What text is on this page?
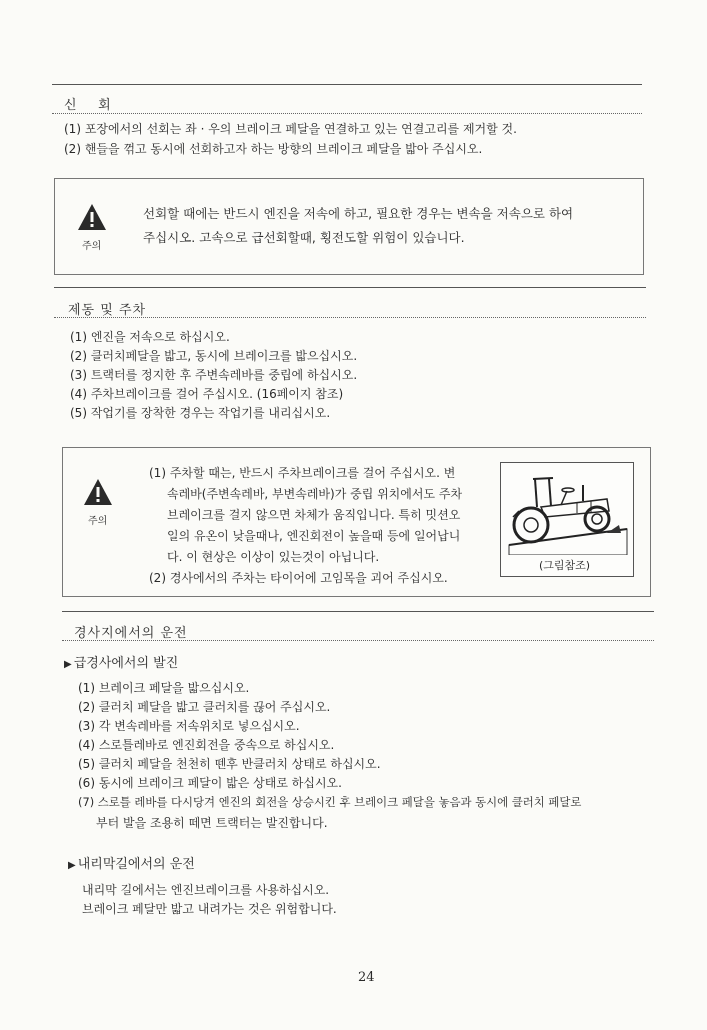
신    회
(1) 포장에서의 선회는 좌 · 우의 브레이크 페달을 연결하고 있는 연결고리를 제거할 것.
(2) 핸들을 꺾고 동시에 선회하고자 하는 방향의 브레이크 페달을 밟아 주십시오.
주의
선회할 때에는 반드시 엔진을 저속에 하고, 필요한 경우는 변속을 저속으로 하여
주십시오. 고속으로 급선회할때, 횡전도할 위험이 있습니다.
제동 및 주차
(1) 엔진을 저속으로 하십시오.
(2) 클러치페달을 밟고, 동시에 브레이크를 밟으십시오.
(3) 트랙터를 정지한 후 주변속레바를 중립에 하십시오.
(4) 주차브레이크를 걸어 주십시오. (16페이지 참조)
(5) 작업기를 장착한 경우는 작업기를 내리십시오.
주의
(1) 주차할 때는, 반드시 주차브레이크를 걸어 주십시오. 변
속레바(주변속레바, 부변속레바)가 중립 위치에서도 주차
브레이크를 걸지 않으면 차체가 움직입니다. 특히 밋션오
일의 유온이 낮을때나, 엔진회전이 높을때 등에 일어납니
다. 이 현상은 이상이 있는것이 아닙니다.
(2) 경사에서의 주차는 타이어에 고임목을 괴어 주십시오.
(그림참조)
경사지에서의 운전
▶ 급경사에서의 발진
(1) 브레이크 페달을 밟으십시오.
(2) 클러치 페달을 밟고 클러치를 끊어 주십시오.
(3) 각 변속레바를 저속위치로 넣으십시오.
(4) 스로틀레바로 엔진회전을 중속으로 하십시오.
(5) 클러치 페달을 천천히 뗀후 반클러치 상태로 하십시오.
(6) 동시에 브레이크 페달이 밟은 상태로 하십시오.
(7) 스로틀 레바를 다시당겨 엔진의 회전을 상승시킨 후 브레이크 페달을 놓음과 동시에 클러치 페달로
부터 발을 조용히 떼면 트랙터는 발진합니다.
▶ 내리막길에서의 운전
내리막 길에서는 엔진브레이크를 사용하십시오.
브레이크 페달만 밟고 내려가는 것은 위험합니다.
24
